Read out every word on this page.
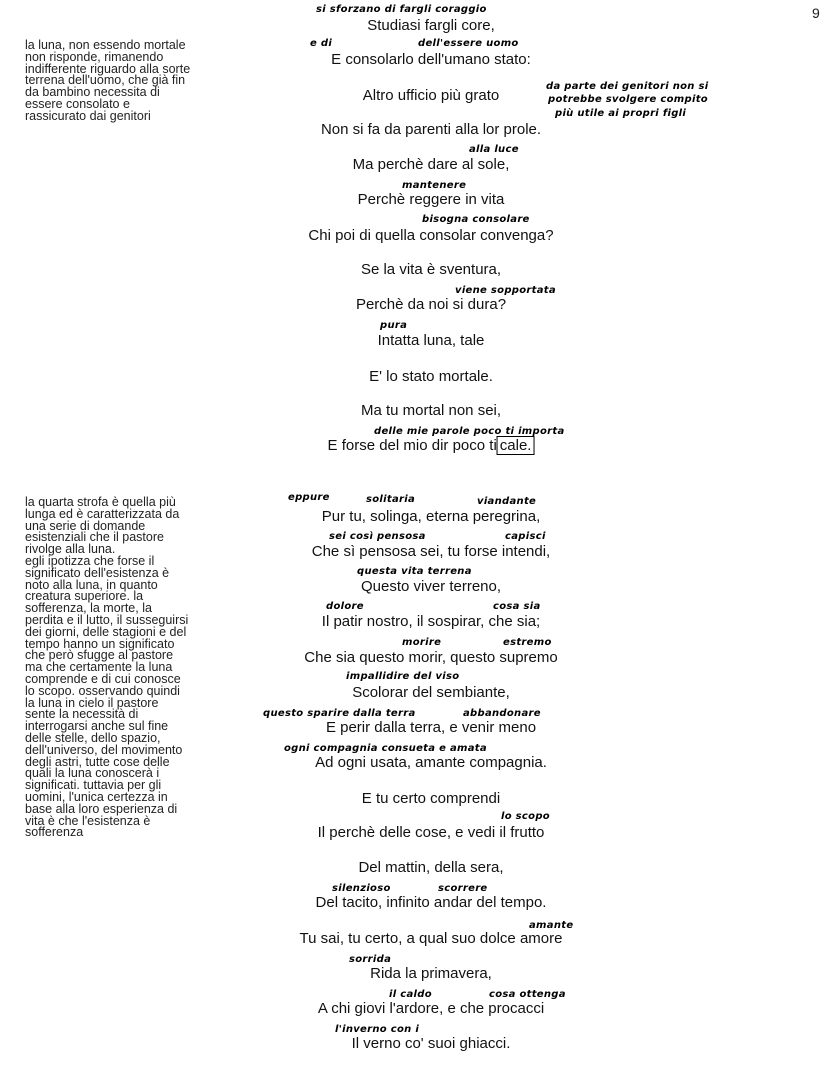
9
la luna, non essendo mortale
non risponde, rimanendo
indifferente riguardo alla sorte
terrena dell'uomo, che già fin
da bambino necessita di
essere consolato e
rassicurato dai genitori
la quarta strofa è quella più
lunga ed è caratterizzata da
una serie di domande
esistenziali che il pastore
rivolge alla luna.
egli ipotizza che forse il
significato dell'esistenza è
noto alla luna, in quanto
creatura superiore. la
sofferenza, la morte, la
perdita e il lutto, il susseguirsi
dei giorni, delle stagioni e del
tempo hanno un significato
che però sfugge al pastore
ma che certamente la luna
comprende e di cui conosce
lo scopo. osservando quindi
la luna in cielo il pastore
sente la necessità di
interrogarsi anche sul fine
delle stelle, dello spazio,
dell'universo, del movimento
degli astri, tutte cose delle
quali la luna conoscerà i
significati. tuttavia per gli
uomini, l'unica certezza in
base alla loro esperienza di
vita è che l'esistenza è
sofferenza
Studiasi fargli core,
E consolarlo dell'umano stato:
Altro ufficio più grato
Non si fa da parenti alla lor prole.
Ma perchè dare al sole,
Perchè reggere in vita
Chi poi di quella consolar convenga?
Se la vita è sventura,
Perchè da noi si dura?
Intatta luna, tale
E' lo stato mortale.
Ma tu mortal non sei,
E forse del mio dir poco ti cale.
Pur tu, solinga, eterna peregrina,
Che sì pensosa sei, tu forse intendi,
Questo viver terreno,
Il patir nostro, il sospirar, che sia;
Che sia questo morir, questo supremo
Scolorar del sembiante,
E perir dalla terra, e venir meno
Ad ogni usata, amante compagnia.
E tu certo comprendi
Il perchè delle cose, e vedi il frutto
Del mattin, della sera,
Del tacito, infinito andar del tempo.
Tu sai, tu certo, a qual suo dolce amore
Rida la primavera,
A chi giovi l'ardore, e che procacci
Il verno co' suoi ghiacci.
si sforzano di fargli coraggio
e di	dell'essere uomo
da parte dei genitori non si
potrebbe svolgere compito
più utile ai propri figli
alla luce
mantenere
bisogna consolare
viene sopportata
pura
delle mie parole poco ti importa
eppure	solitaria	viandante
sei così pensosa	capisci
questa vita terrena
dolore	cosa sia
morire	estremo
impallidire del viso
questo sparire dalla terra	abbandonare
ogni compagnia consueta e amata
lo scopo
silenzioso	scorrere
amante
sorrida
il caldo	cosa ottenga
l'inverno con i
